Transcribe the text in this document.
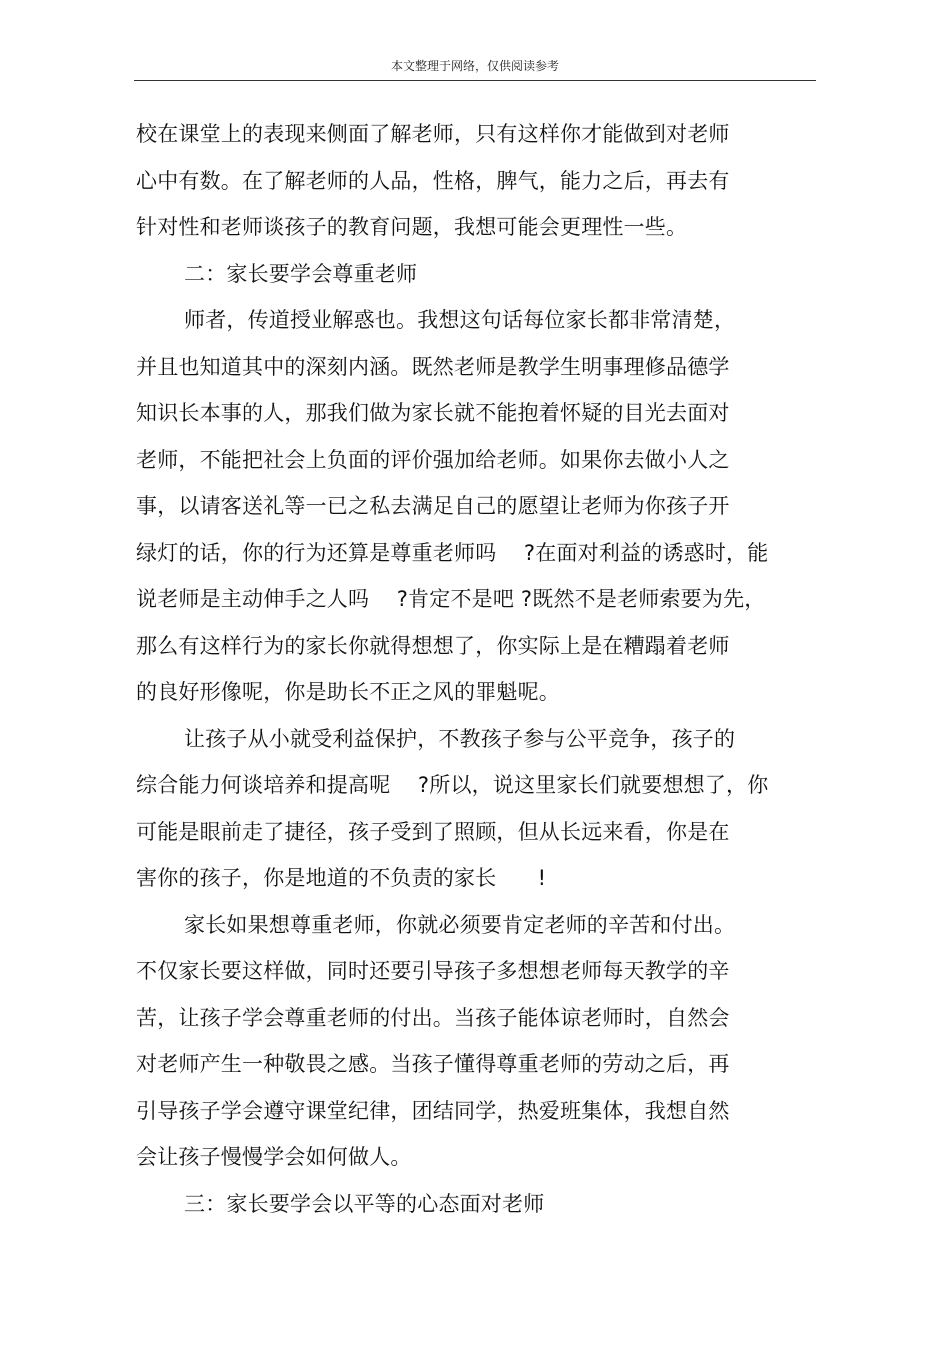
本文整理于网络，仅供阅读参考
校在课堂上的表现来侧面了解老师，只有这样你才能做到对老师
心中有数。在了解老师的人品，性格，脾气，能力之后，再去有
针对性和老师谈孩子的教育问题，我想可能会更理性一些。
二：家长要学会尊重老师
师者，传道授业解惑也。我想这句话每位家长都非常清楚，
并且也知道其中的深刻内涵。既然老师是教学生明事理修品德学
知识长本事的人，那我们做为家长就不能抱着怀疑的目光去面对
老师，不能把社会上负面的评价强加给老师。如果你去做小人之
事，以请客送礼等一已之私去满足自己的愿望让老师为你孩子开
绿灯的话，你的行为还算是尊重老师吗    ?在面对利益的诱惑时，能
说老师是主动伸手之人吗    ?肯定不是吧 ?既然不是老师索要为先，
那么有这样行为的家长你就得想想了，你实际上是在糟蹋着老师
的良好形像呢，你是助长不正之风的罪魁呢。
让孩子从小就受利益保护，不教孩子参与公平竞争，孩子的
综合能力何谈培养和提高呢    ?所以，说这里家长们就要想想了，你
可能是眼前走了捷径，孩子受到了照顾，但从长远来看，你是在
害你的孩子，你是地道的不负责的家长      !
家长如果想尊重老师，你就必须要肯定老师的辛苦和付出。
不仅家长要这样做，同时还要引导孩子多想想老师每天教学的辛
苦，让孩子学会尊重老师的付出。当孩子能体谅老师时，自然会
对老师产生一种敬畏之感。当孩子懂得尊重老师的劳动之后，再
引导孩子学会遵守课堂纪律，团结同学，热爱班集体，我想自然
会让孩子慢慢学会如何做人。
三：家长要学会以平等的心态面对老师
